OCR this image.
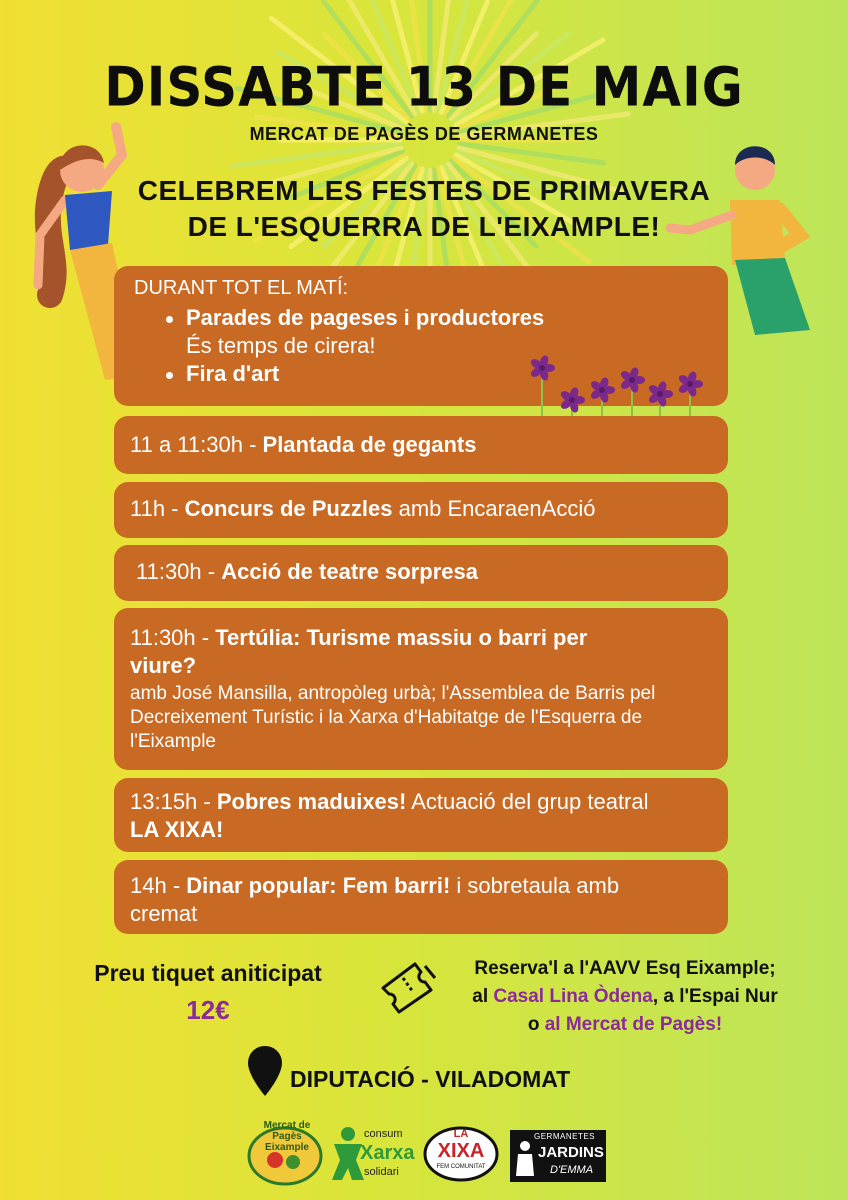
DISSABTE 13 DE MAIG
MERCAT DE PAGÈS DE GERMANETES
CELEBREM LES FESTES DE PRIMAVERA
DE L'ESQUERRA DE L'EIXAMPLE!
DURANT TOT EL MATÍ:
Parades de pageses i productores
És temps de cirera!
Fira d'art
11 a 11:30h - Plantada de gegants
11h - Concurs de Puzzles amb EncaraenAcció
11:30h - Acció de teatre sorpresa
11:30h - Tertúlia: Turisme massiu o barri per viure?
amb José Mansilla, antropòleg urbà; l'Assemblea de Barris pel Decreixement Turístic i la Xarxa d'Habitatge de l'Esquerra de l'Eixample
13:15h - Pobres maduixes! Actuació del grup teatral LA XIXA!
14h - Dinar popular: Fem barri! i sobretaula amb cremat
Preu tiquet aniticipat
12€
Reserva'l a l'AAVV Esq Eixample;
al Casal Lina Òdena, a l'Espai Nur
o al Mercat de Pagès!
DIPUTACIÓ - VILADOMAT
Mercat de Pagès Eixample
consum
Xarxa
solidari
LA
XIXA
FEM COMUNITAT
GERMANETES
JARDINS
D'EMMA
